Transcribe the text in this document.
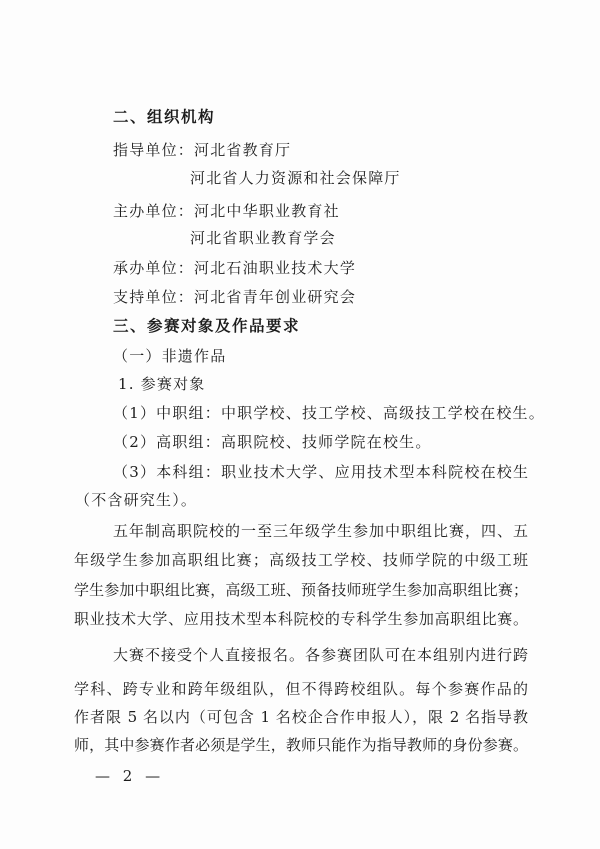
二、组织机构
指导单位：河北省教育厅
河北省人力资源和社会保障厅
主办单位：河北中华职业教育社
河北省职业教育学会
承办单位：河北石油职业技术大学
支持单位：河北省青年创业研究会
三、参赛对象及作品要求
（一）非遗作品
1. 参赛对象
（1）中职组：中职学校、技工学校、高级技工学校在校生。
（2）高职组：高职院校、技师学院在校生。
（3）本科组：职业技术大学、应用技术型本科院校在校生
（不含研究生）。
五年制高职院校的一至三年级学生参加中职组比赛，四、五
年级学生参加高职组比赛；高级技工学校、技师学院的中级工班
学生参加中职组比赛，高级工班、预备技师班学生参加高职组比赛；
职业技术大学、应用技术型本科院校的专科学生参加高职组比赛。
大赛不接受个人直接报名。各参赛团队可在本组别内进行跨
学科、跨专业和跨年级组队，但不得跨校组队。每个参赛作品的
作者限 5 名以内（可包含 1 名校企合作申报人），限 2 名指导教
师，其中参赛作者必须是学生，教师只能作为指导教师的身份参赛。
— 2 —
